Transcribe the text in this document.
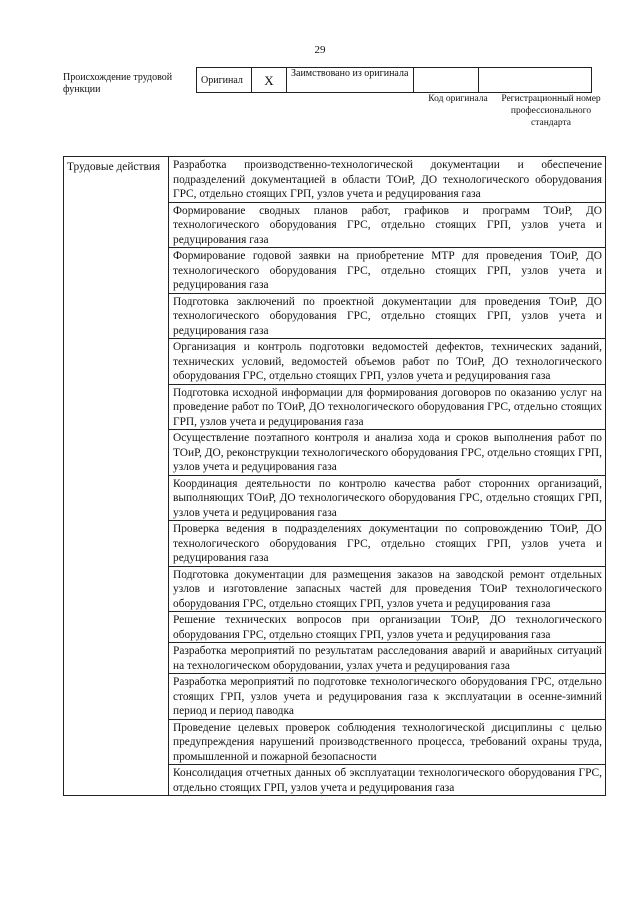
29
Происхождение трудовой функции
Оригинал	X	Заимствовано из оригинала		
Код оригинала	Регистрационный номер профессионального стандарта
Трудовые действия	Разработка производственно-технологической документации и обеспечение подразделений документацией в области ТОиР, ДО технологического оборудования ГРС, отдельно стоящих ГРП, узлов учета и редуцирования газа
Формирование сводных планов работ, графиков и программ ТОиР, ДО технологического оборудования ГРС, отдельно стоящих ГРП, узлов учета и редуцирования газа
Формирование годовой заявки на приобретение МТР для проведения ТОиР, ДО технологического оборудования ГРС, отдельно стоящих ГРП, узлов учета и редуцирования газа
Подготовка заключений по проектной документации для проведения ТОиР, ДО технологического оборудования ГРС, отдельно стоящих ГРП, узлов учета и редуцирования газа
Организация и контроль подготовки ведомостей дефектов, технических заданий, технических условий, ведомостей объемов работ по ТОиР, ДО технологического оборудования ГРС, отдельно стоящих ГРП, узлов учета и редуцирования газа
Подготовка исходной информации для формирования договоров по оказанию услуг на проведение работ по ТОиР, ДО технологического оборудования ГРС, отдельно стоящих ГРП, узлов учета и редуцирования газа
Осуществление поэтапного контроля и анализа хода и сроков выполнения работ по ТОиР, ДО, реконструкции технологического оборудования ГРС, отдельно стоящих ГРП, узлов учета и редуцирования газа
Координация деятельности по контролю качества работ сторонних организаций, выполняющих ТОиР, ДО технологического оборудования ГРС, отдельно стоящих ГРП, узлов учета и редуцирования газа
Проверка ведения в подразделениях документации по сопровождению ТОиР, ДО технологического оборудования ГРС, отдельно стоящих ГРП, узлов учета и редуцирования газа
Подготовка документации для размещения заказов на заводской ремонт отдельных узлов и изготовление запасных частей для проведения ТОиР технологического оборудования ГРС, отдельно стоящих ГРП, узлов учета и редуцирования газа
Решение технических вопросов при организации ТОиР, ДО технологического оборудования ГРС, отдельно стоящих ГРП, узлов учета и редуцирования газа
Разработка мероприятий по результатам расследования аварий и аварийных ситуаций на технологическом оборудовании, узлах учета и редуцирования газа
Разработка мероприятий по подготовке технологического оборудования ГРС, отдельно стоящих ГРП, узлов учета и редуцирования газа к эксплуатации в осенне-зимний период и период паводка
Проведение целевых проверок соблюдения технологической дисциплины с целью предупреждения нарушений производственного процесса, требований охраны труда, промышленной и пожарной безопасности
Консолидация отчетных данных об эксплуатации технологического оборудования ГРС, отдельно стоящих ГРП, узлов учета и редуцирования газа
